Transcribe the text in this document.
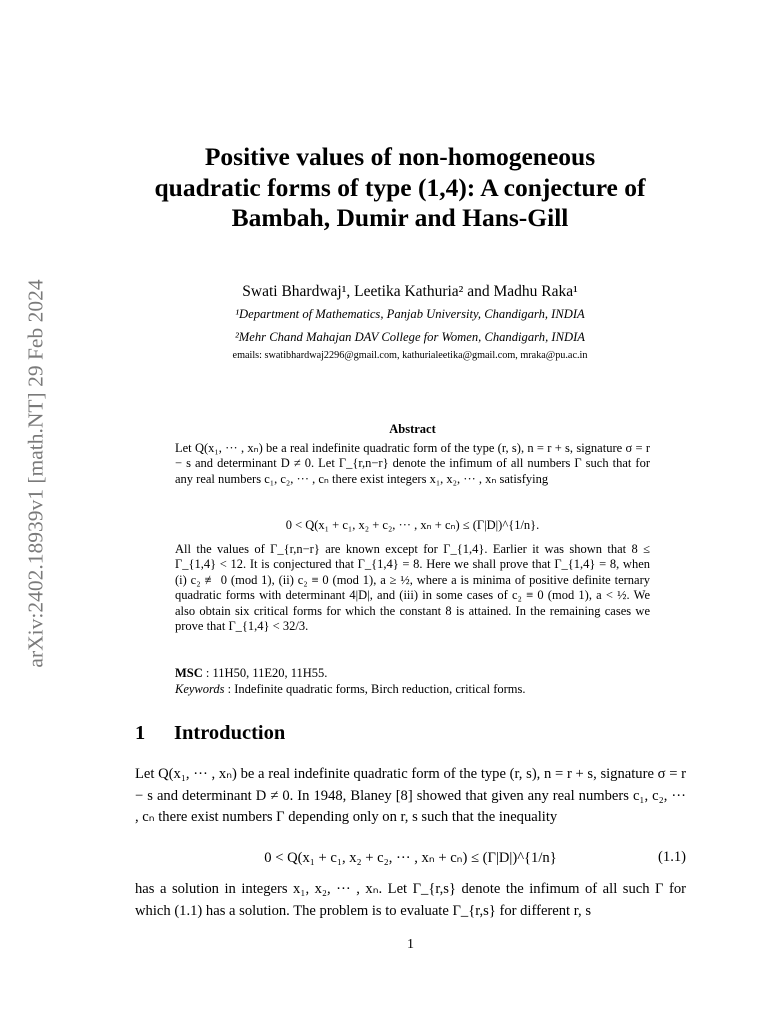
arXiv:2402.18939v1 [math.NT] 29 Feb 2024
Positive values of non-homogeneous quadratic forms of type (1,4): A conjecture of Bambah, Dumir and Hans-Gill
Swati Bhardwaj¹, Leetika Kathuria² and Madhu Raka¹
¹Department of Mathematics, Panjab University, Chandigarh, INDIA
²Mehr Chand Mahajan DAV College for Women, Chandigarh, INDIA
emails: swatibhardwaj2296@gmail.com, kathurialeetika@gmail.com, mraka@pu.ac.in
Abstract

Let Q(x₁, ··· , xₙ) be a real indefinite quadratic form of the type (r, s), n = r + s, signature σ = r − s and determinant D ≠ 0. Let Γ_{r,n−r} denote the infimum of all numbers Γ such that for any real numbers c₁, c₂, ··· , cₙ there exist integers x₁, x₂, ··· , xₙ satisfying

0 < Q(x₁ + c₁, x₂ + c₂, ··· , xₙ + cₙ) ≤ (Γ|D|)^{1/n}.

All the values of Γ_{r,n−r} are known except for Γ_{1,4}. Earlier it was shown that 8 ≤ Γ_{1,4} < 12. It is conjectured that Γ_{1,4} = 8. Here we shall prove that Γ_{1,4} = 8, when (i) c₂ ≢ 0 (mod 1), (ii) c₂ ≡ 0 (mod 1), a ≥ ½, where a is minima of positive definite ternary quadratic forms with determinant 4|D|, and (iii) in some cases of c₂ ≡ 0 (mod 1), a < ½. We also obtain six critical forms for which the constant 8 is attained. In the remaining cases we prove that Γ_{1,4} < 32/3.

MSC : 11H50, 11E20, 11H55.
Keywords : Indefinite quadratic forms, Birch reduction, critical forms.
1 Introduction

Let Q(x₁, ··· , xₙ) be a real indefinite quadratic form of the type (r, s), n = r + s, signature σ = r − s and determinant D ≠ 0. In 1948, Blaney [8] showed that given any real numbers c₁, c₂, ··· , cₙ there exist numbers Γ depending only on r, s such that the inequality

0 < Q(x₁ + c₁, x₂ + c₂, ··· , xₙ + cₙ) ≤ (Γ|D|)^{1/n}	(1.1)

has a solution in integers x₁, x₂, ··· , xₙ. Let Γ_{r,s} denote the infimum of all such Γ for which (1.1) has a solution. The problem is to evaluate Γ_{r,s} for different r, s

1
